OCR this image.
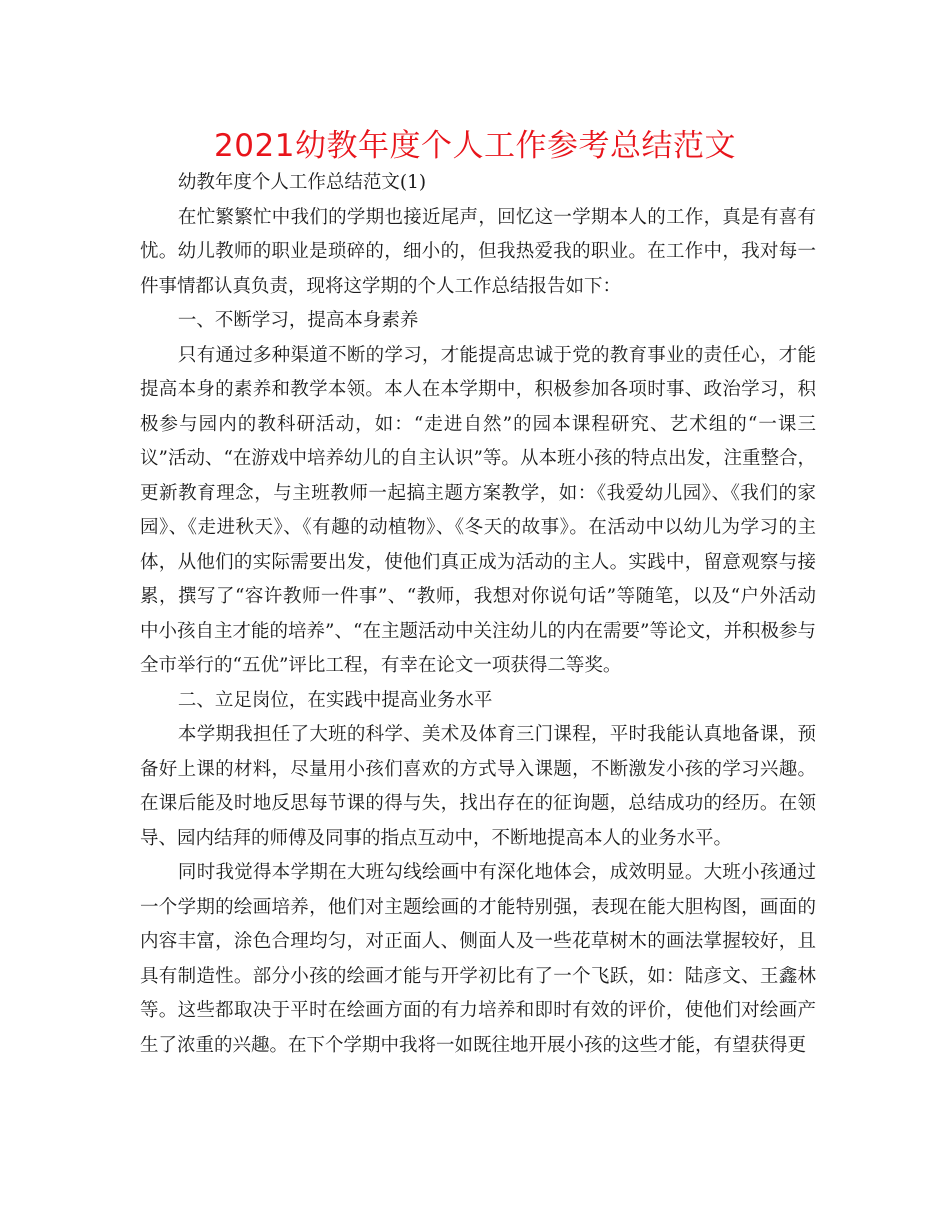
2021幼教年度个人工作参考总结范文

幼教年度个人工作总结范文(1)

在忙繁繁忙中我们的学期也接近尾声，回忆这一学期本人的工作，真是有喜有忧。幼儿教师的职业是琐碎的，细小的，但我热爱我的职业。在工作中，我对每一件事情都认真负责，现将这学期的个人工作总结报告如下：

一、不断学习，提高本身素养

只有通过多种渠道不断的学习，才能提高忠诚于党的教育事业的责任心，才能提高本身的素养和教学本领。本人在本学期中，积极参加各项时事、政治学习，积极参与园内的教科研活动，如：“走进自然”的园本课程研究、艺术组的“一课三议”活动、“在游戏中培养幼儿的自主认识”等。从本班小孩的特点出发，注重整合，更新教育理念，与主班教师一起搞主题方案教学，如：《我爱幼儿园》、《我们的家园》、《走进秋天》、《有趣的动植物》、《冬天的故事》。在活动中以幼儿为学习的主体，从他们的实际需要出发，使他们真正成为活动的主人。实践中，留意观察与接累，撰写了“容许教师一件事”、“教师，我想对你说句话”等随笔，以及“户外活动中小孩自主才能的培养”、“在主题活动中关注幼儿的内在需要”等论文，并积极参与全市举行的“五优”评比工程，有幸在论文一项获得二等奖。

二、立足岗位，在实践中提高业务水平

本学期我担任了大班的科学、美术及体育三门课程，平时我能认真地备课，预备好上课的材料，尽量用小孩们喜欢的方式导入课题，不断激发小孩的学习兴趣。在课后能及时地反思每节课的得与失，找出存在的征询题，总结成功的经历。在领导、园内结拜的师傅及同事的指点互动中，不断地提高本人的业务水平。

同时我觉得本学期在大班勾线绘画中有深化地体会，成效明显。大班小孩通过一个学期的绘画培养，他们对主题绘画的才能特别强，表现在能大胆构图，画面的内容丰富，涂色合理均匀，对正面人、侧面人及一些花草树木的画法掌握较好，且具有制造性。部分小孩的绘画才能与开学初比有了一个飞跃，如：陆彦文、王鑫林等。这些都取决于平时在绘画方面的有力培养和即时有效的评价，使他们对绘画产生了浓重的兴趣。在下个学期中我将一如既往地开展小孩的这些才能，有望获得更
